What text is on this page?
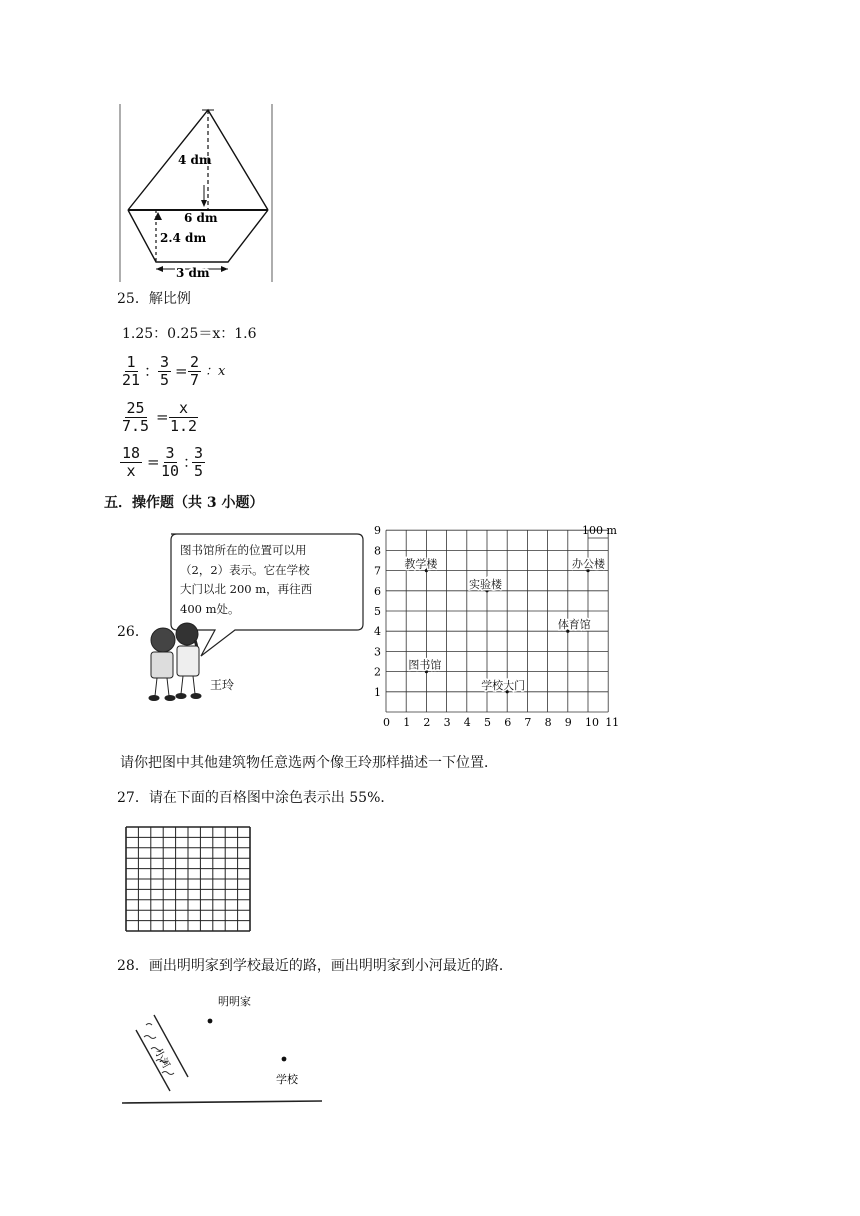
4 dm
6 dm
2.4 dm
3 dm
25．解比例
1.25：0.25＝x：1.6
$\frac{1}{21}$ ：
$\frac{3}{5} = \frac{2}{7}$ ：x
$\frac{25}{7.5} = \frac{x}{1.2}$
$\frac{18}{x} = \frac{3}{10}$ ：
$\frac{3}{5}$
五．操作题（共 3 小题）
26．
图书馆所在的位置可以用
（2，2）表示。它在学校
大门以北 200 m，再往西
400 m处。
王玲
0 1 2 3 4 5 6 7 8 9 10 11
1
2
3
4
5
6
7
8
9	100 m
教学楼
实验楼
办公楼
体育馆
图书馆
学校大门
请你把图中其他建筑物任意选两个像王玲那样描述一下位置．
27．请在下面的百格图中涂色表示出 55%．
28．画出明明家到学校最近的路，画出明明家到小河最近的路．
小河
明明家
学校
